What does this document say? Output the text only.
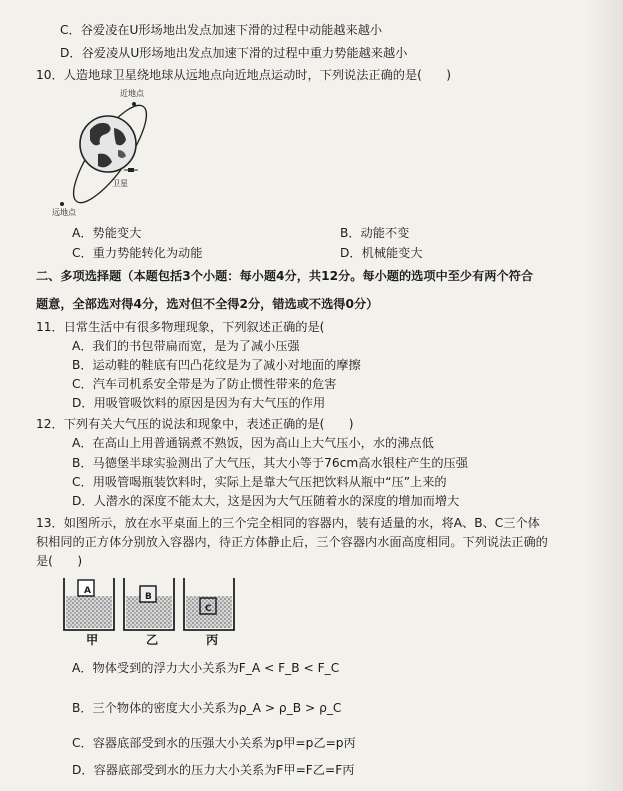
C．谷爱凌在U形场地出发点加速下滑的过程中动能越来越小
D．谷爱凌从U形场地出发点加速下滑的过程中重力势能越来越小
10．人造地球卫星绕地球从远地点向近地点运动时，下列说法正确的是(　　)
近地点
卫星
远地点
A．势能变大	B．动能不变
C．重力势能转化为动能	D．机械能变大
二、多项选择题（本题包括3个小题：每小题4分，共12分。每小题的选项中至少有两个符合
题意，全部选对得4分，选对但不全得2分，错选或不选得0分）
11．日常生活中有很多物理现象，下列叙述正确的是(
A．我们的书包带扁而宽，是为了减小压强
B．运动鞋的鞋底有凹凸花纹是为了减小对地面的摩擦
C．汽车司机系安全带是为了防止惯性带来的危害
D．用吸管吸饮料的原因是因为有大气压的作用
12．下列有关大气压的说法和现象中，表述正确的是(　　)
A．在高山上用普通锅煮不熟饭，因为高山上大气压小，水的沸点低
B．马德堡半球实验测出了大气压，其大小等于76cm高水银柱产生的压强
C．用吸管喝瓶装饮料时，实际上是靠大气压把饮料从瓶中“压”上来的
D．人潜水的深度不能太大，这是因为大气压随着水的深度的增加而增大
13．如图所示，放在水平桌面上的三个完全相同的容器内，装有适量的水，将A、B、C三个体
积相同的正方体分别放入容器内，待正方体静止后，三个容器内水面高度相同。下列说法正确的
是(　　)
A
B
C
甲	乙	丙
A．物体受到的浮力大小关系为F_A < F_B < F_C
B．三个物体的密度大小关系为ρ_A > ρ_B > ρ_C
C．容器底部受到水的压强大小关系为p甲=p乙=p丙
D．容器底部受到水的压力大小关系为F甲=F乙=F丙
